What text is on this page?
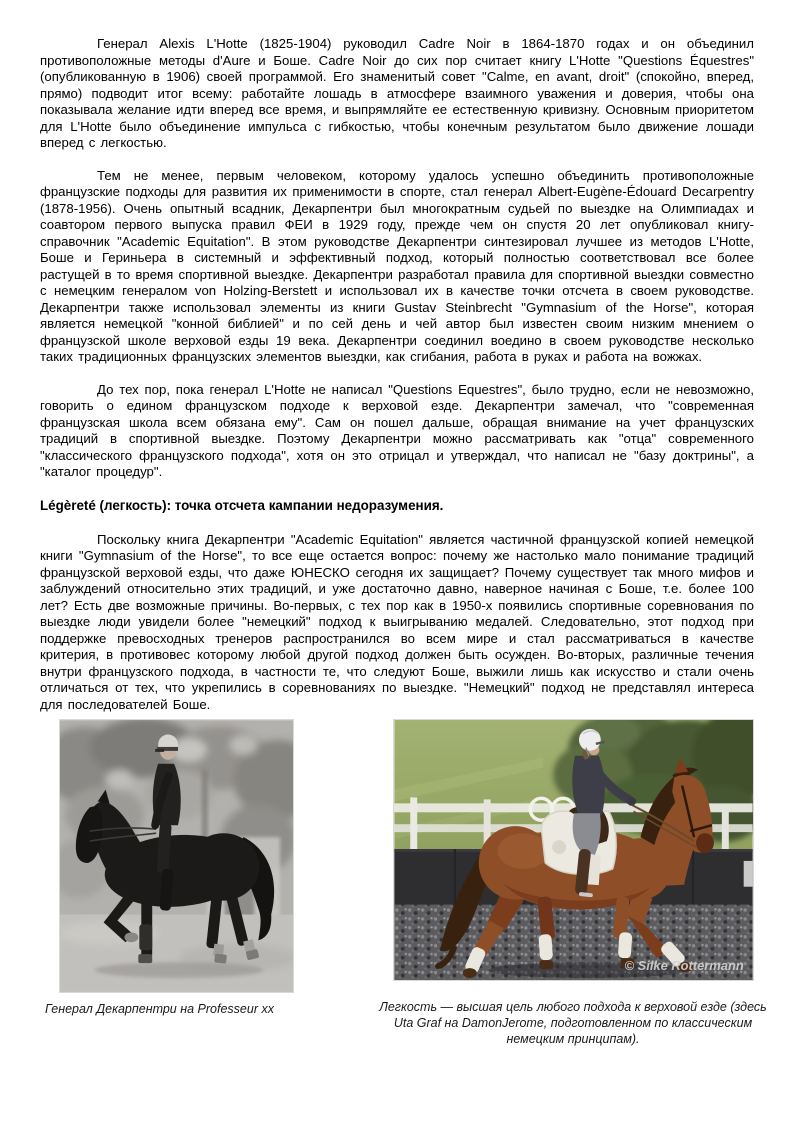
Генерал Alexis L'Hotte (1825-1904) руководил Cadre Noir в 1864-1870 годах и он объединил противоположные методы d'Aure и Боше. Cadre Noir до сих пор считает книгу L'Hotte "Questions Équestres" (опубликованную в 1906) своей программой. Его знаменитый совет "Calme, en avant, droit" (спокойно, вперед, прямо) подводит итог всему: работайте лошадь в атмосфере взаимного уважения и доверия, чтобы она показывала желание идти вперед все время, и выпрямляйте ее естественную кривизну. Основным приоритетом для L'Hotte было объединение импульса с гибкостью, чтобы конечным результатом было движение лошади вперед с легкостью.

Тем не менее, первым человеком, которому удалось успешно объединить противоположные французские подходы для развития их применимости в спорте, стал генерал Albert-Eugène-Édouard Decarpentry (1878-1956). Очень опытный всадник, Декарпентри был многократным судьей по выездке на Олимпиадах и соавтором первого выпуска правил ФЕИ в 1929 году, прежде чем он спустя 20 лет опубликовал книгу-справочник "Academic Equitation". В этом руководстве Декарпентри синтезировал лучшее из методов L'Hotte, Боше и Гериньера в системный и эффективный подход, который полностью соответствовал все более растущей в то время спортивной выездке. Декарпентри разработал правила для спортивной выездки совместно с немецким генералом von Holzing-Berstett и использовал их в качестве точки отсчета в своем руководстве. Декарпентри также использовал элементы из книги Gustav Steinbrecht "Gymnasium of the Horse", которая является немецкой "конной библией" и по сей день и чей автор был известен своим низким мнением о французской школе верховой езды 19 века. Декарпентри соединил воедино в своем руководстве несколько таких традиционных французских элементов выездки, как сгибания, работа в руках и работа на вожжах.

До тех пор, пока генерал L'Hotte не написал "Questions Equestres", было трудно, если не невозможно, говорить о едином французском подходе к верховой езде. Декарпентри замечал, что "современная французская школа всем обязана ему". Сам он пошел дальше, обращая внимание на учет французских традиций в спортивной выездке. Поэтому Декарпентри можно рассматривать как "отца" современного "классического французского подхода", хотя он это отрицал и утверждал, что написал не "базу доктрины", а "каталог процедур".

Légèreté (легкость): точка отсчета кампании недоразумения.

Поскольку книга Декарпентри "Academic Equitation" является частичной французской копией немецкой книги "Gymnasium of the Horse", то все еще остается вопрос: почему же настолько мало понимание традиций французской верховой езды, что даже ЮНЕСКО сегодня их защищает? Почему существует так много мифов и заблуждений относительно этих традиций, и уже достаточно давно, наверное начиная с Боше, т.е. более 100 лет? Есть две возможные причины. Во-первых, с тех пор как в 1950-х появились спортивные соревнования по выездке люди увидели более "немецкий" подход к выигрыванию медалей. Следовательно, этот подход при поддержке превосходных тренеров распространился во всем мире и стал рассматриваться в качестве критерия, в противовес которому любой другой подход должен быть осужден. Во-вторых, различные течения внутри французского подхода, в частности те, что следуют Боше, выжили лишь как искусство и стали очень отличаться от тех, что укрепились в соревнованиях по выездке. "Немецкий" подход не представлял интереса для последователей Боше.

Генерал Декарпентри на Professeur xx
© Silke Rottermann
Легкость — высшая цель любого подхода к верховой езде (здесь Uta Graf на DamonJerome, подготовленном по классическим немецким принципам).
